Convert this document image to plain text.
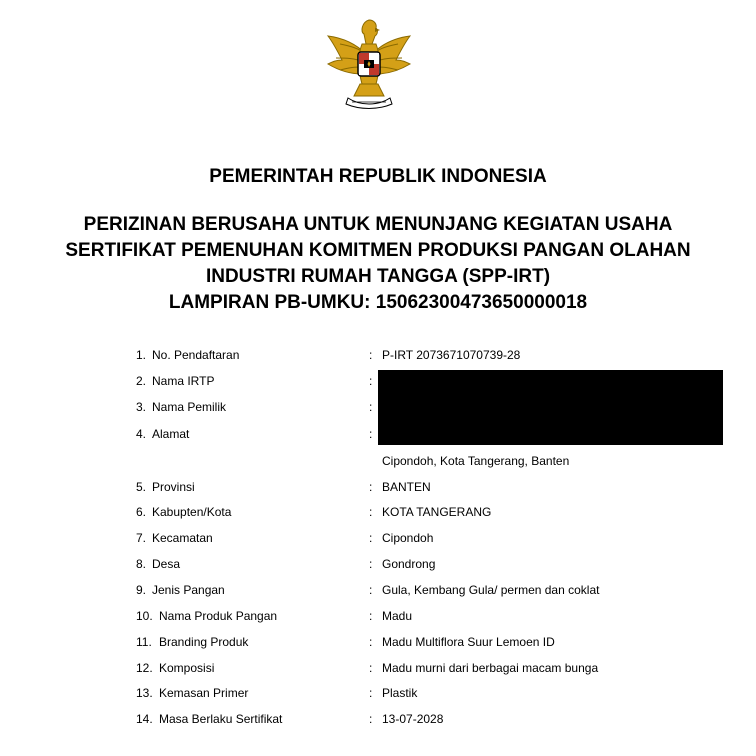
PEMERINTAH REPUBLIK INDONESIA
PERIZINAN BERUSAHA UNTUK MENUNJANG KEGIATAN USAHA
SERTIFIKAT PEMENUHAN KOMITMEN PRODUKSI PANGAN OLAHAN
INDUSTRI RUMAH TANGGA (SPP-IRT)
LAMPIRAN PB-UMKU: 15062300473650000018
1. No. Pendaftaran	: P-IRT 2073671070739-28
2. Nama IRTP	:
3. Nama Pemilik	:
4. Alamat	:
Cipondoh, Kota Tangerang, Banten
5. Provinsi	: BANTEN
6. Kabupten/Kota	: KOTA TANGERANG
7. Kecamatan	: Cipondoh
8. Desa	: Gondrong
9. Jenis Pangan	: Gula, Kembang Gula/ permen dan coklat
10. Nama Produk Pangan	: Madu
11. Branding Produk	: Madu Multiflora Suur Lemoen ID
12. Komposisi	: Madu murni dari berbagai macam bunga
13. Kemasan Primer	: Plastik
14. Masa Berlaku Sertifikat	: 13-07-2028
